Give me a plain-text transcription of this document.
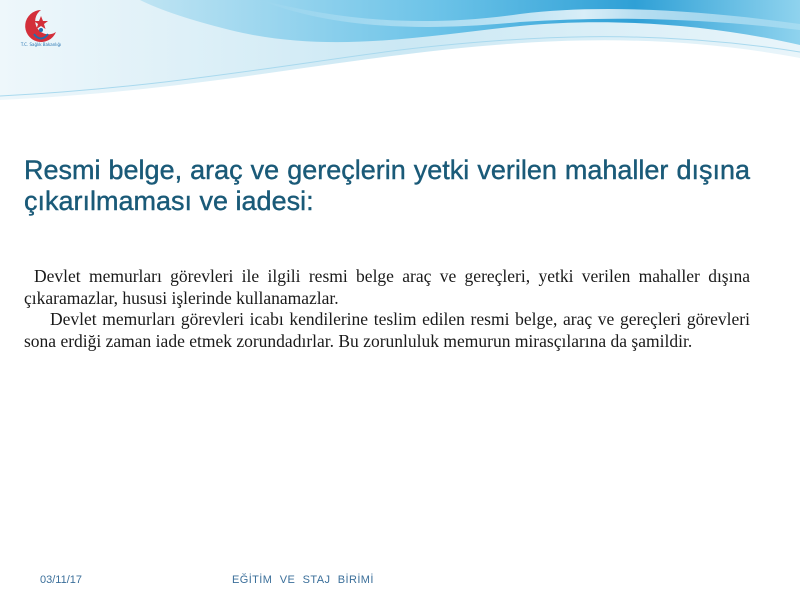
T.C. Sağlık Bakanlığı
Resmi belge, araç ve gereçlerin yetki verilen mahaller dışına çıkarılmaması ve iadesi:

Devlet memurları görevleri ile ilgili resmi belge araç ve gereçleri, yetki verilen mahaller dışına çıkaramazlar, hususi işlerinde kullanamazlar.

Devlet memurları görevleri icabı kendilerine teslim edilen resmi belge, araç ve gereçleri görevleri sona erdiği zaman iade etmek zorundadırlar. Bu zorunluluk memurun mirasçılarına da şamildir.

03/11/17	EĞİTİM VE STAJ BİRİMİ
